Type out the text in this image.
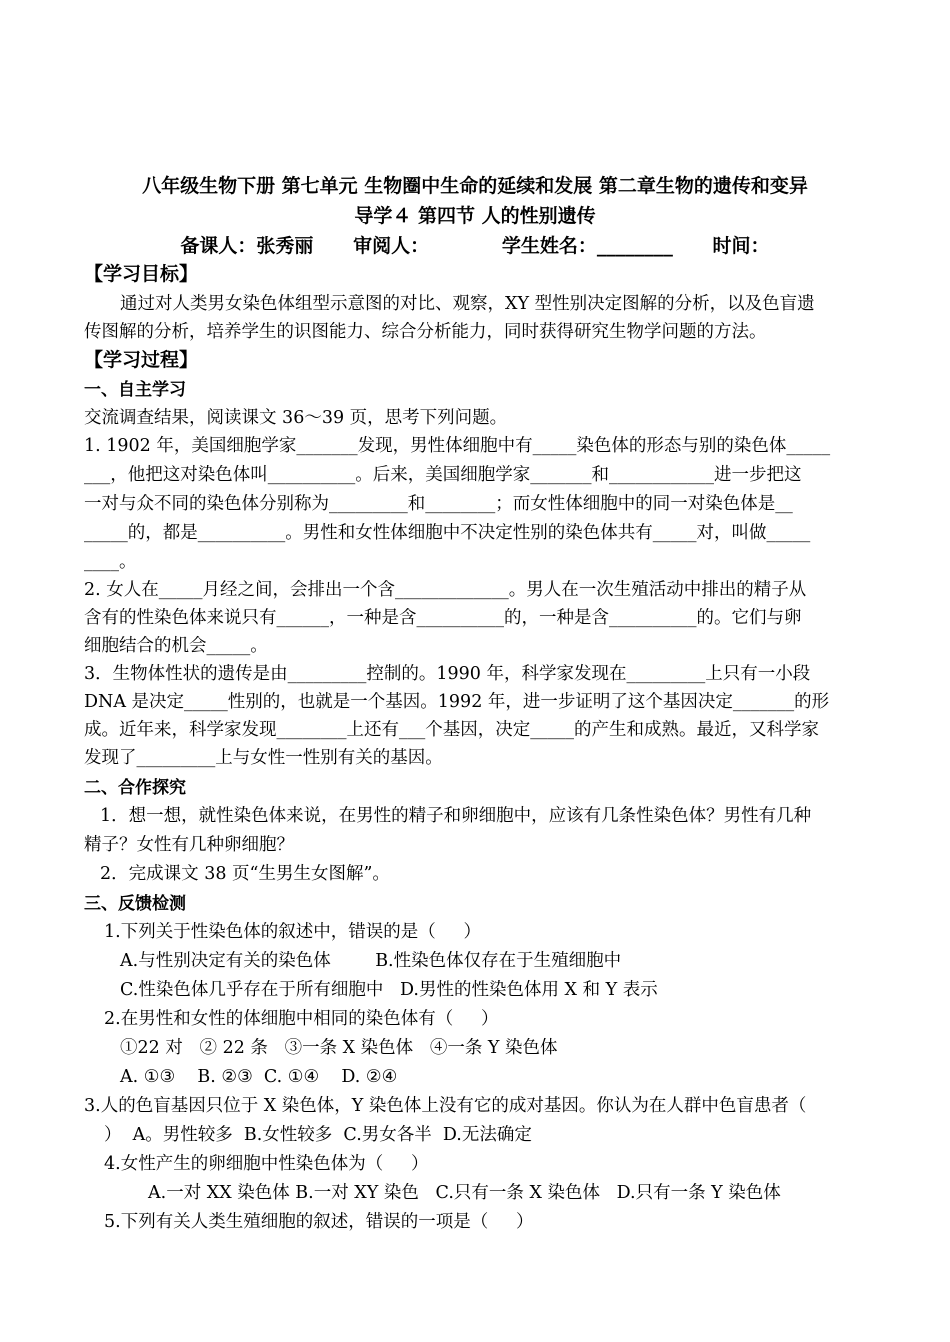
八年级生物下册 第七单元 生物圈中生命的延续和发展 第二章生物的遗传和变异
导学４ 第四节 人的性别遗传
备课人：张秀丽      审阅人：           学生姓名：________      时间：
【学习目标】
通过对人类男女染色体组型示意图的对比、观察，XY 型性别决定图解的分析，以及色盲遗
传图解的分析，培养学生的识图能力、综合分析能力，同时获得研究生物学问题的方法。
【学习过程】
一、自主学习
交流调查结果，阅读课文 36～39 页，思考下列问题。
1. 1902 年，美国细胞学家_______发现，男性体细胞中有_____染色体的形态与别的染色体_____
___，他把这对染色体叫__________。后来，美国细胞学家_______和____________进一步把这
一对与众不同的染色体分别称为_________和________；而女性体细胞中的同一对染色体是__
_____的，都是__________。男性和女性体细胞中不决定性别的染色体共有_____对，叫做_____
____。
2. 女人在_____月经之间，会排出一个含_____________。男人在一次生殖活动中排出的精子从
含有的性染色体来说只有______，一种是含__________的，一种是含__________的。它们与卵
细胞结合的机会_____。
3．生物体性状的遗传是由_________控制的。1990 年，科学家发现在_________上只有一小段
DNA 是决定_____性别的，也就是一个基因。1992 年，进一步证明了这个基因决定_______的形
成。近年来，科学家发现________上还有___个基因，决定_____的产生和成熟。最近，又科学家
发现了_________上与女性一性别有关的基因。
二、合作探究
1．想一想，就性染色体来说，在男性的精子和卵细胞中，应该有几条性染色体？男性有几种
精子？女性有几种卵细胞？
2．完成课文 38 页“生男生女图解”。
三、反馈检测
1.下列关于性染色体的叙述中，错误的是（     ）
A.与性别决定有关的染色体        B.性染色体仅存在于生殖细胞中
C.性染色体几乎存在于所有细胞中   D.男性的性染色体用 X 和 Y 表示
2.在男性和女性的体细胞中相同的染色体有（     ）
①22 对   ② 22 条   ③一条 X 染色体   ④一条 Y 染色体
A. ①③    B. ②③  C. ①④    D. ②④
3.人的色盲基因只位于 X 染色体，Y 染色体上没有它的成对基因。你认为在人群中色盲患者（
）  A。男性较多  B.女性较多  C.男女各半  D.无法确定
4.女性产生的卵细胞中性染色体为（     ）
A.一对 XX 染色体 B.一对 XY 染色   C.只有一条 X 染色体   D.只有一条 Y 染色体
5.下列有关人类生殖细胞的叙述，错误的一项是（     ）
